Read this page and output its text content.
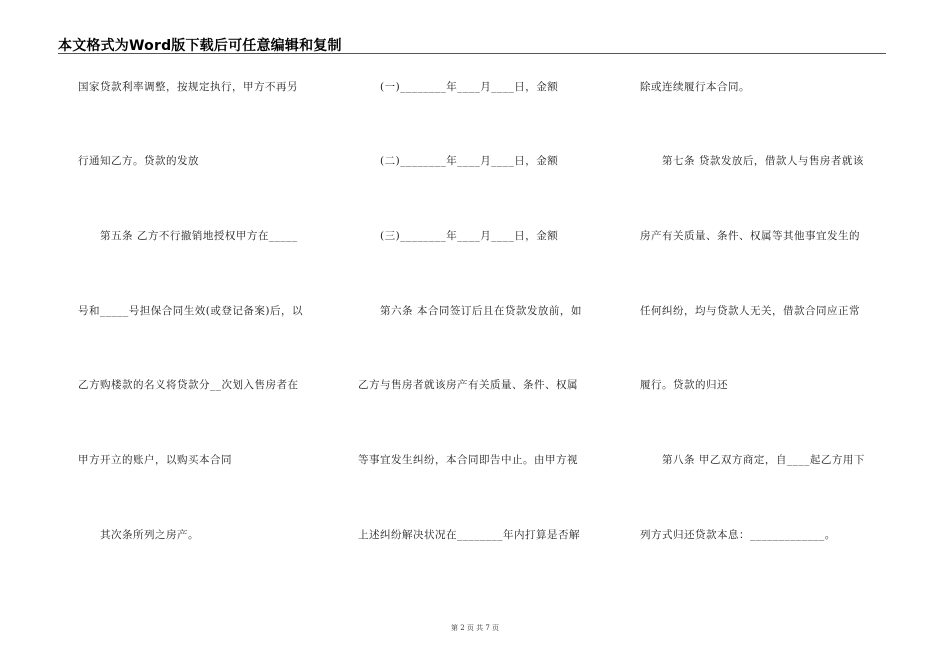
本文格式为Word版下载后可任意编辑和复制
国家贷款利率调整，按规定执行，甲方不再另
行通知乙方。贷款的发放
第五条 乙方不行撤销地授权甲方在_____
号和_____号担保合同生效(或登记备案)后，以
乙方购楼款的名义将贷款分__次划入售房者在
甲方开立的账户，以购买本合同
其次条所列之房产。
(一)________年____月____日，金额
(二)________年____月____日，金额
(三)________年____月____日，金额
第六条 本合同签订后且在贷款发放前，如
乙方与售房者就该房产有关质量、条件、权属
等事宜发生纠纷，本合同即告中止。由甲方视
上述纠纷解决状况在________年内打算是否解
除或连续履行本合同。
第七条 贷款发放后，借款人与售房者就该
房产有关质量、条件、权属等其他事宜发生的
任何纠纷，均与贷款人无关，借款合同应正常
履行。贷款的归还
第八条 甲乙双方商定，自____起乙方用下
列方式归还贷款本息：_____________。
第 2 页 共 7 页
